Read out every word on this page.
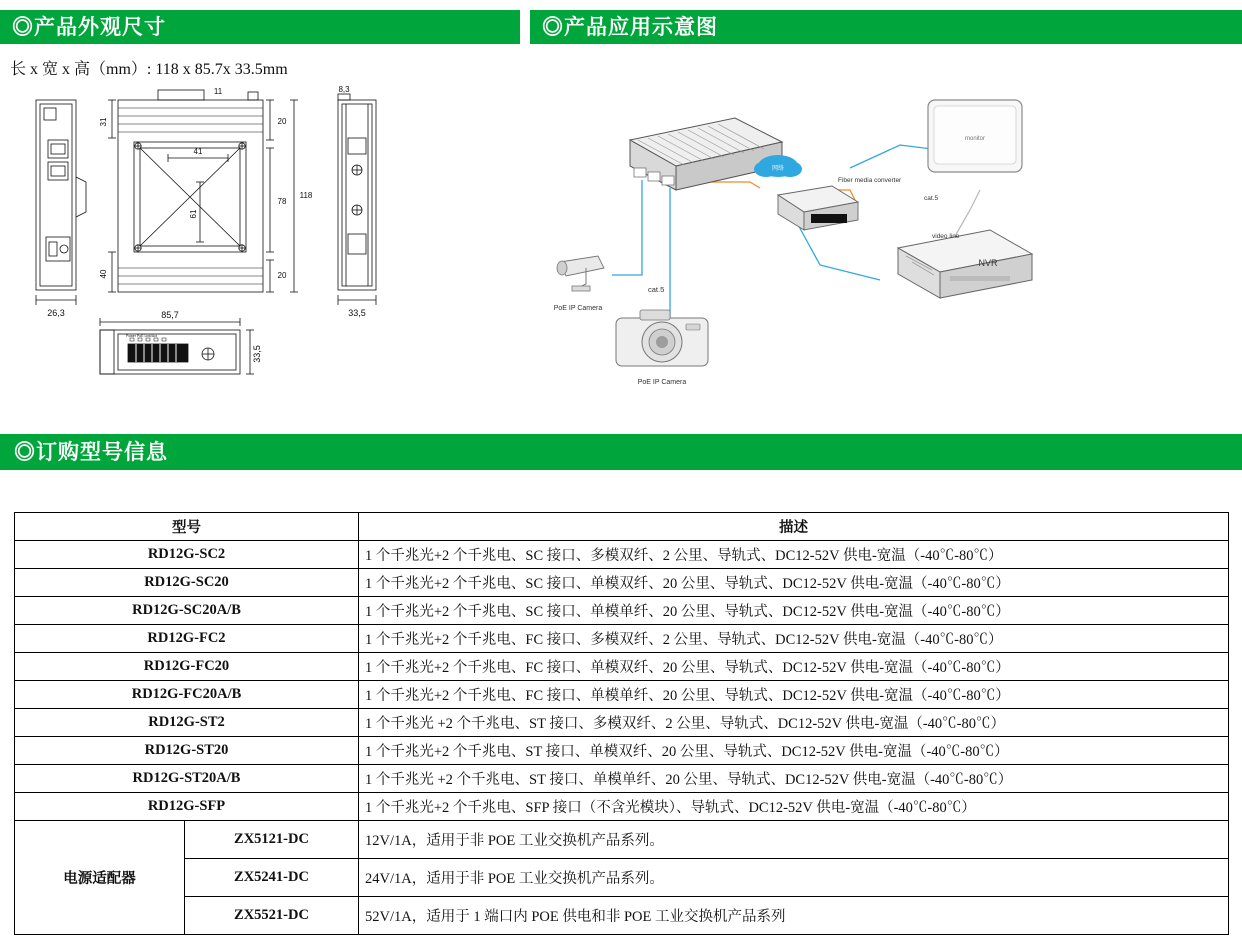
◎产品外观尺寸	◎产品应用示意图
长 x 宽 x 高（mm）: 118 x 85.7x 33.5mm
26,3
11
31	20
41
61
78
118
40	20
8,3
33,5
85,7
33,5
Power PoE Link/Act
网络
Fiber media converter
monitor
NVR
cat.5
video line
PoE IP Camera
PoE IP Camera
cat.5
◎订购型号信息
型号		描述
RD12G-SC2		1 个千兆光+2 个千兆电、SC 接口、多模双纤、2 公里、导轨式、DC12-52V 供电-宽温（-40℃-80℃）
RD12G-SC20		1 个千兆光+2 个千兆电、SC 接口、单模双纤、20 公里、导轨式、DC12-52V 供电-宽温（-40℃-80℃）
RD12G-SC20A/B		1 个千兆光+2 个千兆电、SC 接口、单模单纤、20 公里、导轨式、DC12-52V 供电-宽温（-40℃-80℃）
RD12G-FC2		1 个千兆光+2 个千兆电、FC 接口、多模双纤、2 公里、导轨式、DC12-52V 供电-宽温（-40℃-80℃）
RD12G-FC20		1 个千兆光+2 个千兆电、FC 接口、单模双纤、20 公里、导轨式、DC12-52V 供电-宽温（-40℃-80℃）
RD12G-FC20A/B		1 个千兆光+2 个千兆电、FC 接口、单模单纤、20 公里、导轨式、DC12-52V 供电-宽温（-40℃-80℃）
RD12G-ST2		1 个千兆光 +2 个千兆电、ST 接口、多模双纤、2 公里、导轨式、DC12-52V 供电-宽温（-40℃-80℃）
RD12G-ST20		1 个千兆光+2 个千兆电、ST 接口、单模双纤、20 公里、导轨式、DC12-52V 供电-宽温（-40℃-80℃）
RD12G-ST20A/B		1 个千兆光 +2 个千兆电、ST 接口、单模单纤、20 公里、导轨式、DC12-52V 供电-宽温（-40℃-80℃）
RD12G-SFP		1 个千兆光+2 个千兆电、SFP 接口（不含光模块）、导轨式、DC12-52V 供电-宽温（-40℃-80℃）
电源适配器	ZX5121-DC	12V/1A，适用于非 POE 工业交换机产品系列。
	ZX5241-DC	24V/1A，适用于非 POE 工业交换机产品系列。
	ZX5521-DC	52V/1A，适用于 1 端口内 POE 供电和非 POE 工业交换机产品系列
